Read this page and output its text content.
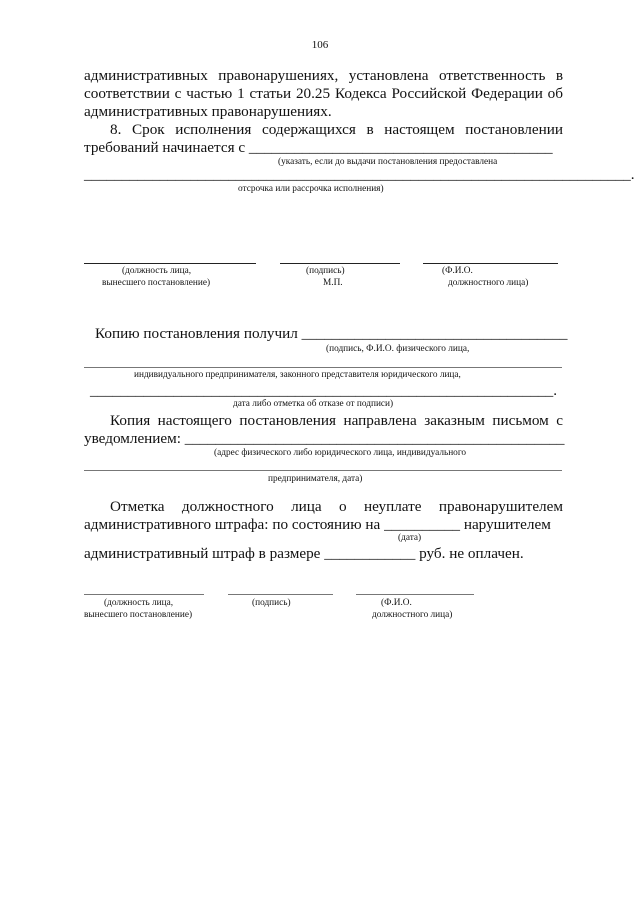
106
административных правонарушениях, установлена ответственность в
соответствии с частью 1 статьи 20.25 Кодекса Российской Федерации об
административных правонарушениях.
8. Срок исполнения содержащихся в настоящем постановлении
требований начинается с ________________________________________
(указать, если до выдачи постановления предоставлена
________________________________________________________________________.
отсрочка или рассрочка исполнения)
(должность лица,
вынесшего постановление)
(подпись)
М.П.
(Ф.И.О.
должностного лица)
Копию постановления получил ___________________________________
(подпись, Ф.И.О. физического лица,
индивидуального предпринимателя, законного представителя юридического лица,
_____________________________________________________________.
дата либо отметка об отказе от подписи)
Копия настоящего постановления направлена заказным письмом с
уведомлением: __________________________________________________
(адрес физического либо юридического лица, индивидуального
предпринимателя, дата)
Отметка должностного лица о неуплате правонарушителем
административного штрафа: по состоянию на __________ нарушителем
(дата)
административный штраф в размере ____________ руб. не оплачен.
(должность лица,
вынесшего постановление)
(подпись)	(Ф.И.О.
должностного лица)
